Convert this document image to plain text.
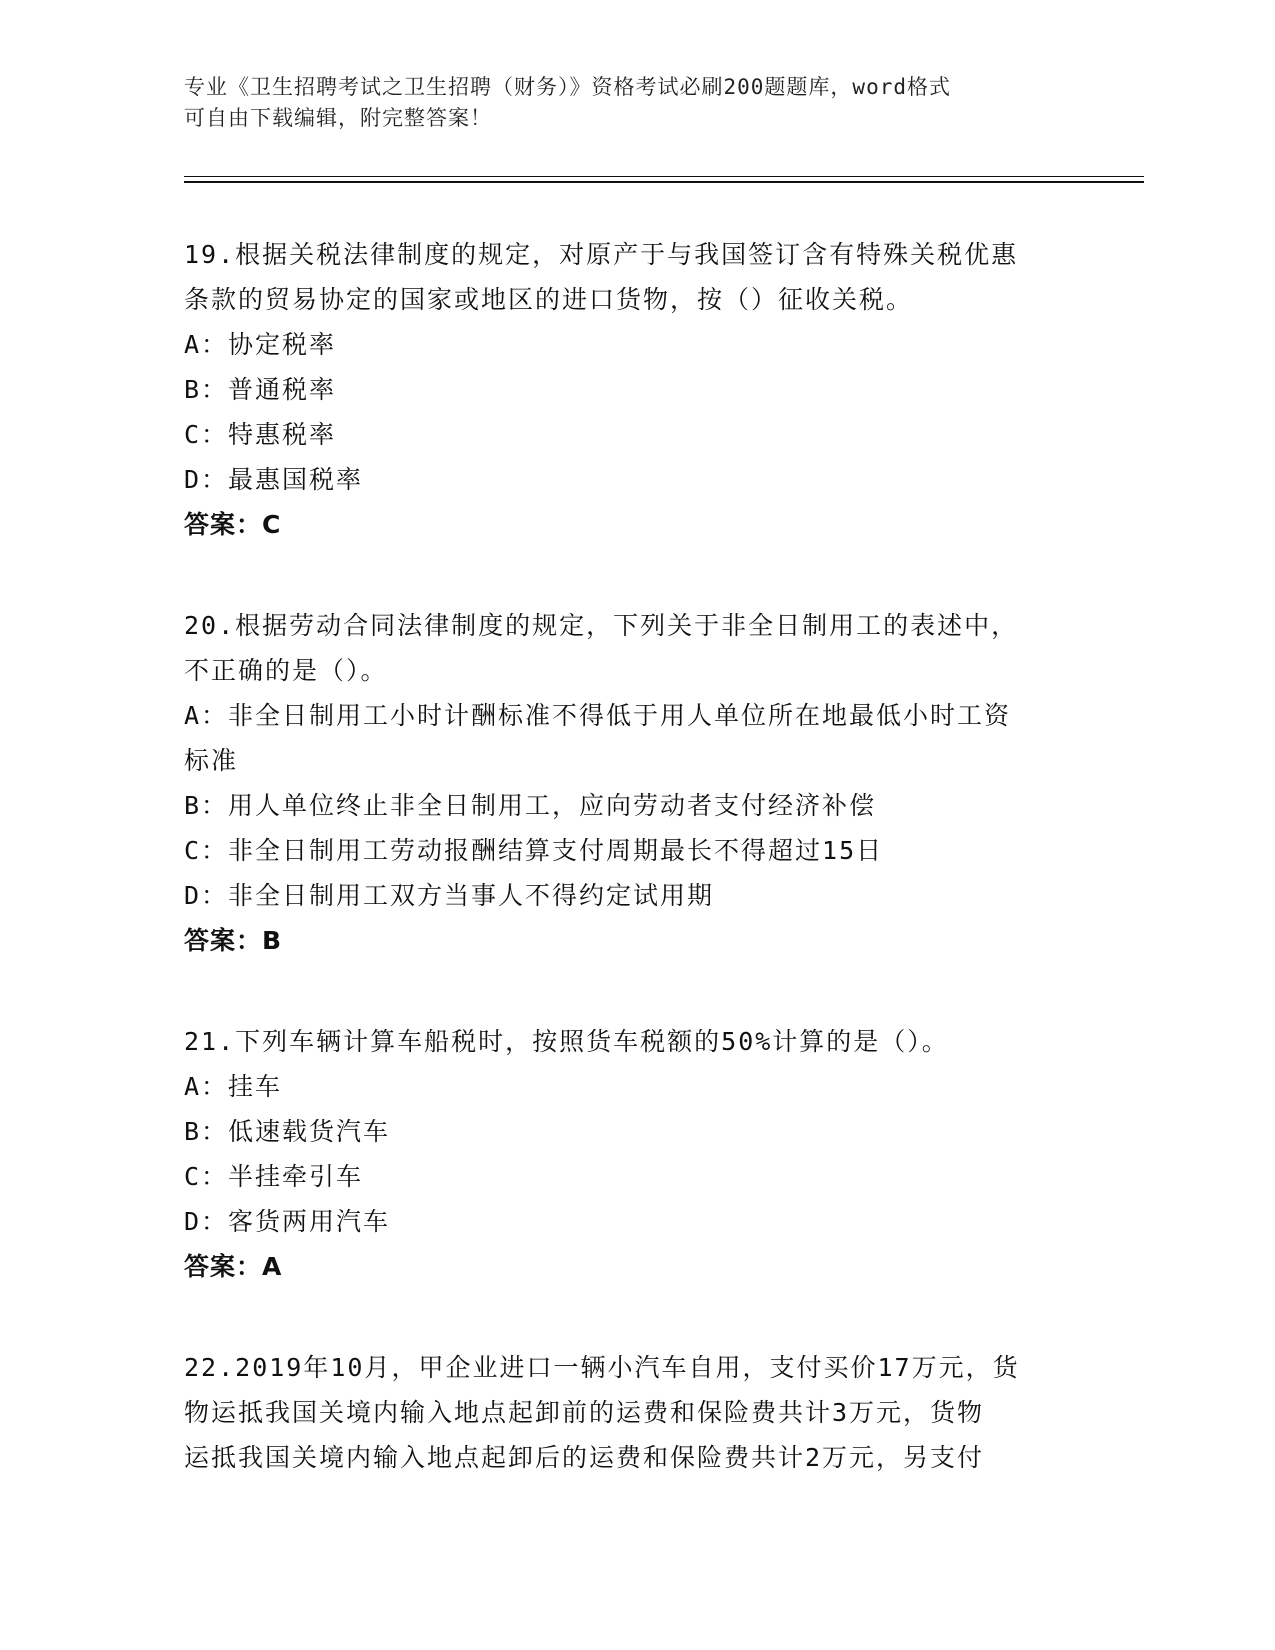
专业《卫生招聘考试之卫生招聘（财务）》资格考试必刷200题题库，word格式
可自由下载编辑，附完整答案！

19.根据关税法律制度的规定，对原产于与我国签订含有特殊关税优惠
条款的贸易协定的国家或地区的进口货物，按（）征收关税。

A：协定税率

B：普通税率

C：特惠税率

D：最惠国税率

答案：C

20.根据劳动合同法律制度的规定，下列关于非全日制用工的表述中，
不正确的是（）。

A：非全日制用工小时计酬标准不得低于用人单位所在地最低小时工资
标准

B：用人单位终止非全日制用工，应向劳动者支付经济补偿

C：非全日制用工劳动报酬结算支付周期最长不得超过15日

D：非全日制用工双方当事人不得约定试用期

答案：B

21.下列车辆计算车船税时，按照货车税额的50%计算的是（）。

A：挂车

B：低速载货汽车

C：半挂牵引车

D：客货两用汽车

答案：A

22.2019年10月，甲企业进口一辆小汽车自用，支付买价17万元，货
物运抵我国关境内输入地点起卸前的运费和保险费共计3万元，货物
运抵我国关境内输入地点起卸后的运费和保险费共计2万元，另支付
